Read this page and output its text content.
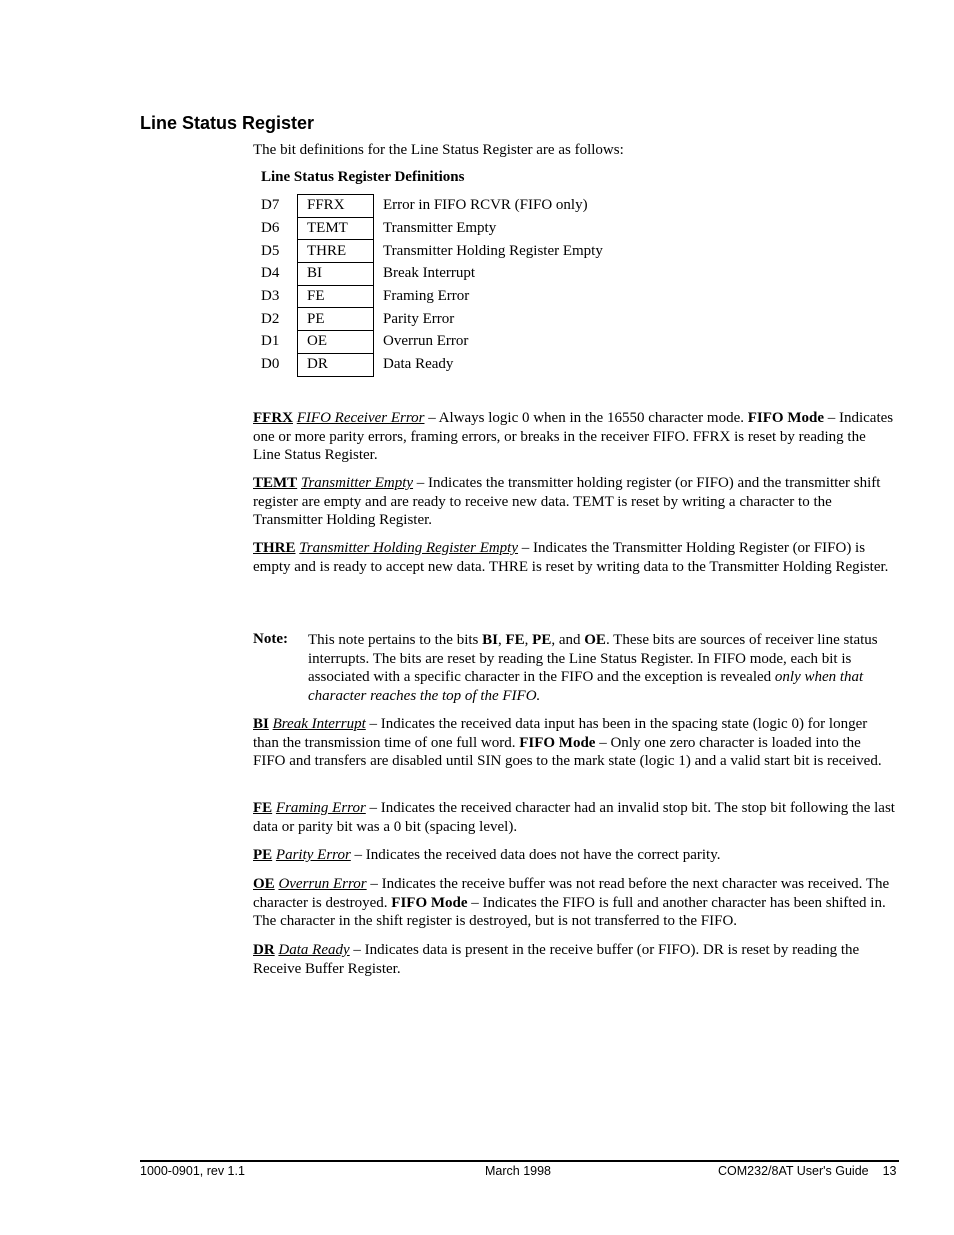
Line Status Register
The bit definitions for the Line Status Register are as follows:
Line Status Register Definitions
D7	FFRX	Error in FIFO RCVR (FIFO only)
D6	TEMT	Transmitter Empty
D5	THRE	Transmitter Holding Register Empty
D4	BI	Break Interrupt
D3	FE	Framing Error
D2	PE	Parity Error
D1	OE	Overrun Error
D0	DR	Data Ready

FFRX FIFO Receiver Error – Always logic 0 when in the 16550 character mode. FIFO Mode – Indicates one or more parity errors, framing errors, or breaks in the receiver FIFO. FFRX is reset by reading the Line Status Register.

TEMT Transmitter Empty – Indicates the transmitter holding register (or FIFO) and the transmitter shift register are empty and are ready to receive new data. TEMT is reset by writing a character to the Transmitter Holding Register.

THRE Transmitter Holding Register Empty – Indicates the Transmitter Holding Register (or FIFO) is empty and is ready to accept new data. THRE is reset by writing data to the Transmitter Holding Register.

Note: This note pertains to the bits BI, FE, PE, and OE. These bits are sources of receiver line status interrupts. The bits are reset by reading the Line Status Register. In FIFO mode, each bit is associated with a specific character in the FIFO and the exception is revealed only when that character reaches the top of the FIFO.

BI Break Interrupt – Indicates the received data input has been in the spacing state (logic 0) for longer than the transmission time of one full word. FIFO Mode – Only one zero character is loaded into the FIFO and transfers are disabled until SIN goes to the mark state (logic 1) and a valid start bit is received.

FE Framing Error – Indicates the received character had an invalid stop bit. The stop bit following the last data or parity bit was a 0 bit (spacing level).

PE Parity Error – Indicates the received data does not have the correct parity.

OE Overrun Error – Indicates the receive buffer was not read before the next character was received. The character is destroyed. FIFO Mode – Indicates the FIFO is full and another character has been shifted in. The character in the shift register is destroyed, but is not transferred to the FIFO.

DR Data Ready – Indicates data is present in the receive buffer (or FIFO). DR is reset by reading the Receive Buffer Register.

1000-0901, rev 1.1	March 1998	COM232/8AT User's Guide 13
